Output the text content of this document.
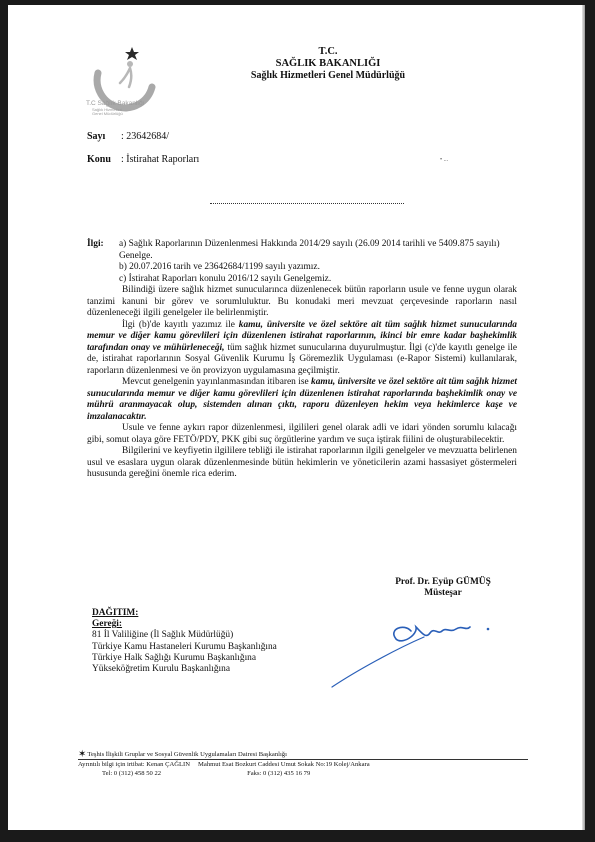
T.C Sağlık Bakanlığı
Sağlık Hizmetleri
Genel Müdürlüğü
T.C.
SAĞLIK BAKANLIĞI
Sağlık Hizmetleri Genel Müdürlüğü
Sayı : 23642684/
Konu : İstirahat Raporları	• ...
İlgi:	a) Sağlık Raporlarının Düzenlenmesi Hakkında 2014/29 sayılı (26.09 2014 tarihli ve 5409.875 sayılı) Genelge.
b) 20.07.2016 tarih ve 23642684/1199 sayılı yazımız.
c) İstirahat Raporları konulu 2016/12 sayılı Genelgemiz.

Bilindiği üzere sağlık hizmet sunucularınca düzenlenecek bütün raporların usule ve fenne uygun olarak tanzimi kanuni bir görev ve sorumluluktur. Bu konudaki meri mevzuat çerçevesinde raporların nasıl düzenleneceği ilgili genelgeler ile belirlenmiştir.

İlgi (b)'de kayıtlı yazımız ile kamu, üniversite ve özel sektöre ait tüm sağlık hizmet sunucularında memur ve diğer kamu görevlileri için düzenlenen istirahat raporlarının, ikinci bir emre kadar başhekimlik tarafından onay ve mühürleneceği, tüm sağlık hizmet sunucularına duyurulmuştur. İlgi (c)'de kayıtlı genelge ile de, istirahat raporlarının Sosyal Güvenlik Kurumu İş Göremezlik Uygulaması (e-Rapor Sistemi) kullanılarak, raporların düzenlenmesi ve ön provizyon uygulamasına geçilmiştir.

Mevcut genelgenin yayınlanmasından itibaren ise kamu, üniversite ve özel sektöre ait tüm sağlık hizmet sunucularında memur ve diğer kamu görevlileri için düzenlenen istirahat raporlarında başhekimlik onay ve mührü aranmayacak olup, sistemden alınan çıktı, raporu düzenleyen hekim veya hekimlerce kaşe ve imzalanacaktır.

Usule ve fenne aykırı rapor düzenlenmesi, ilgilileri genel olarak adli ve idari yönden sorumlu kılacağı gibi, somut olaya göre FETÖ/PDY, PKK gibi suç örgütlerine yardım ve suça iştirak fiilini de oluşturabilecektir.

Bilgilerini ve keyfiyetin ilgililere tebliği ile istirahat raporlarının ilgili genelgeler ve mevzuatta belirlenen usul ve esaslara uygun olarak düzenlenmesinde bütün hekimlerin ve yöneticilerin azami hassasiyet göstermeleri hususunda gereğini önemle rica ederim.

Prof. Dr. Eyüp GÜMÜŞ
Müsteşar
DAĞITIM:
Gereği:
81 İl Valiliğine (İl Sağlık Müdürlüğü)
Türkiye Kamu Hastaneleri Kurumu Başkanlığına
Türkiye Halk Sağlığı Kurumu Başkanlığına
Yükseköğretim Kurulu Başkanlığına
✶Teşhis İlişkili Gruplar ve Sosyal Güvenlik Uygulamaları Dairesi Başkanlığı
Ayrıntılı bilgi için irtibat: Kenan ÇAĞLIN Mahmut Esat Bozkurt Caddesi Umut Sokak No:19 Kolej/Ankara
Tel: 0 (312) 458 50 22	Faks: 0 (312) 435 16 79
